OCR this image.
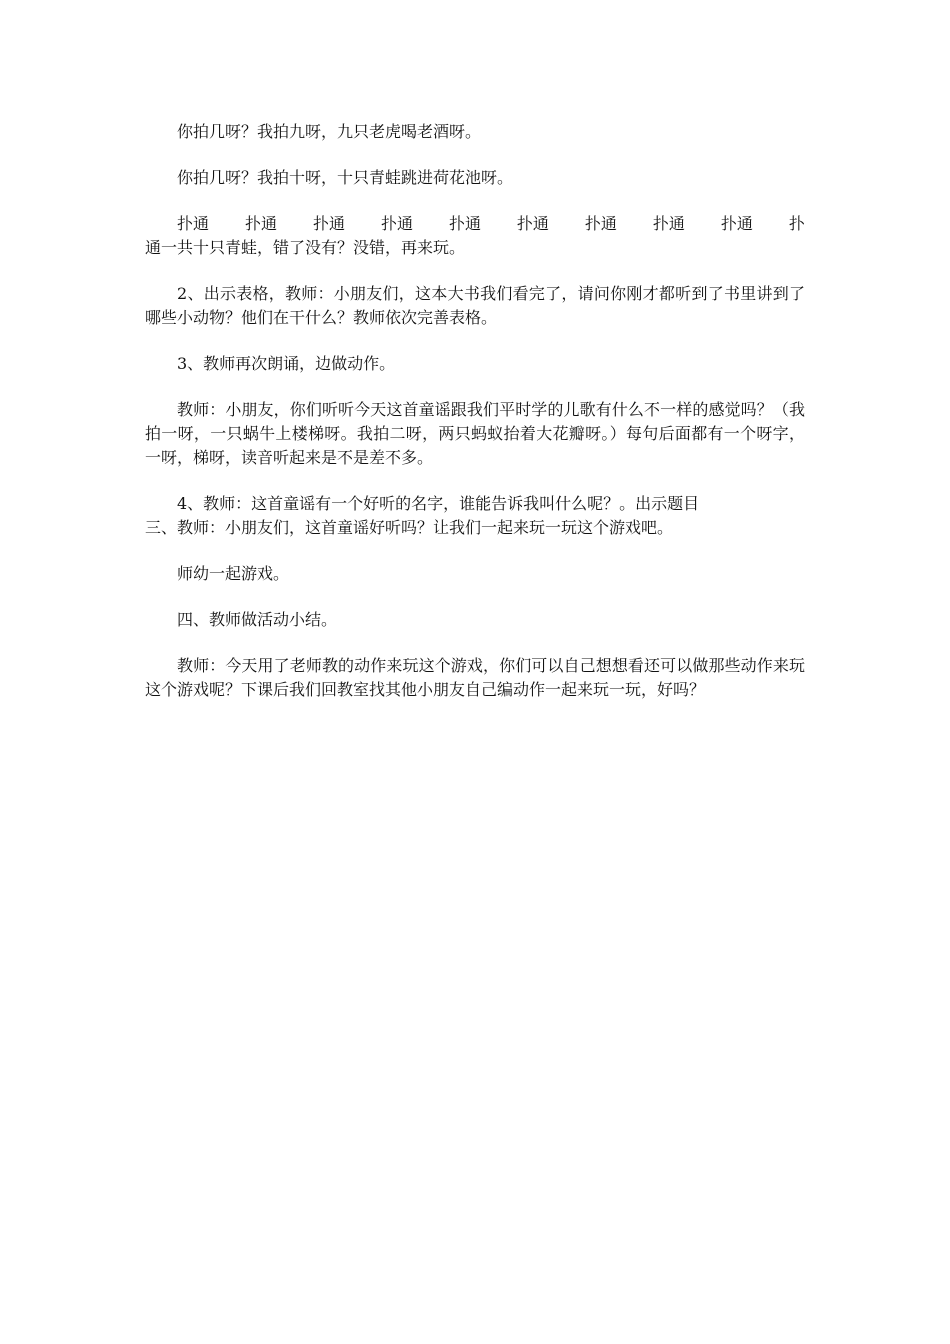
你拍几呀？我拍九呀，九只老虎喝老酒呀。

你拍几呀？我拍十呀，十只青蛙跳进荷花池呀。

扑通 扑通 扑通 扑通 扑通 扑通 扑通 扑通 扑通 扑

通一共十只青蛙，错了没有？没错，再来玩。

2、出示表格，教师：小朋友们，这本大书我们看完了，请问你刚才都听到了书里讲到了哪些小动物？他们在干什么？教师依次完善表格。

3、教师再次朗诵，边做动作。

教师：小朋友，你们听听今天这首童谣跟我们平时学的儿歌有什么不一样的感觉吗？（我拍一呀，一只蜗牛上楼梯呀。我拍二呀，两只蚂蚁抬着大花瓣呀。）每句后面都有一个呀字，一呀，梯呀，读音听起来是不是差不多。

4、教师：这首童谣有一个好听的名字，谁能告诉我叫什么呢？。出示题目

三、教师：小朋友们，这首童谣好听吗？让我们一起来玩一玩这个游戏吧。

师幼一起游戏。

四、教师做活动小结。

教师：今天用了老师教的动作来玩这个游戏，你们可以自己想想看还可以做那些动作来玩这个游戏呢？下课后我们回教室找其他小朋友自己编动作一起来玩一玩，好吗？
